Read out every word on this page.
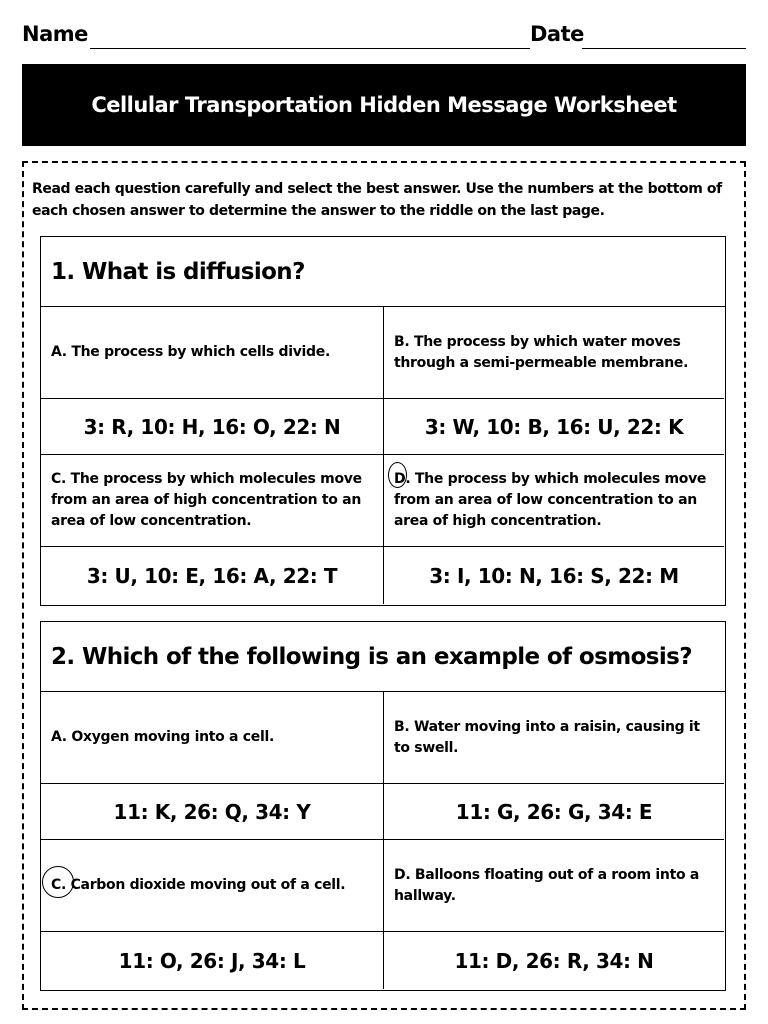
Name	Date
Cellular Transportation Hidden Message Worksheet
Read each question carefully and select the best answer. Use the numbers at the bottom of each chosen answer to determine the answer to the riddle on the last page.
1. What is diffusion?
A. The process by which cells divide.
B. The process by which water moves through a semi-permeable membrane.
3: R, 10: H, 16: O, 22: N	3: W, 10: B, 16: U, 22: K
C. The process by which molecules move from an area of high concentration to an area of low concentration.
D. The process by which molecules move from an area of low concentration to an area of high concentration.
3: U, 10: E, 16: A, 22: T	3: I, 10: N, 16: S, 22: M
2. Which of the following is an example of osmosis?
A. Oxygen moving into a cell.
B. Water moving into a raisin, causing it to swell.
11: K, 26: Q, 34: Y	11: G, 26: G, 34: E
C. Carbon dioxide moving out of a cell.
D. Balloons floating out of a room into a hallway.
11: O, 26: J, 34: L	11: D, 26: R, 34: N
